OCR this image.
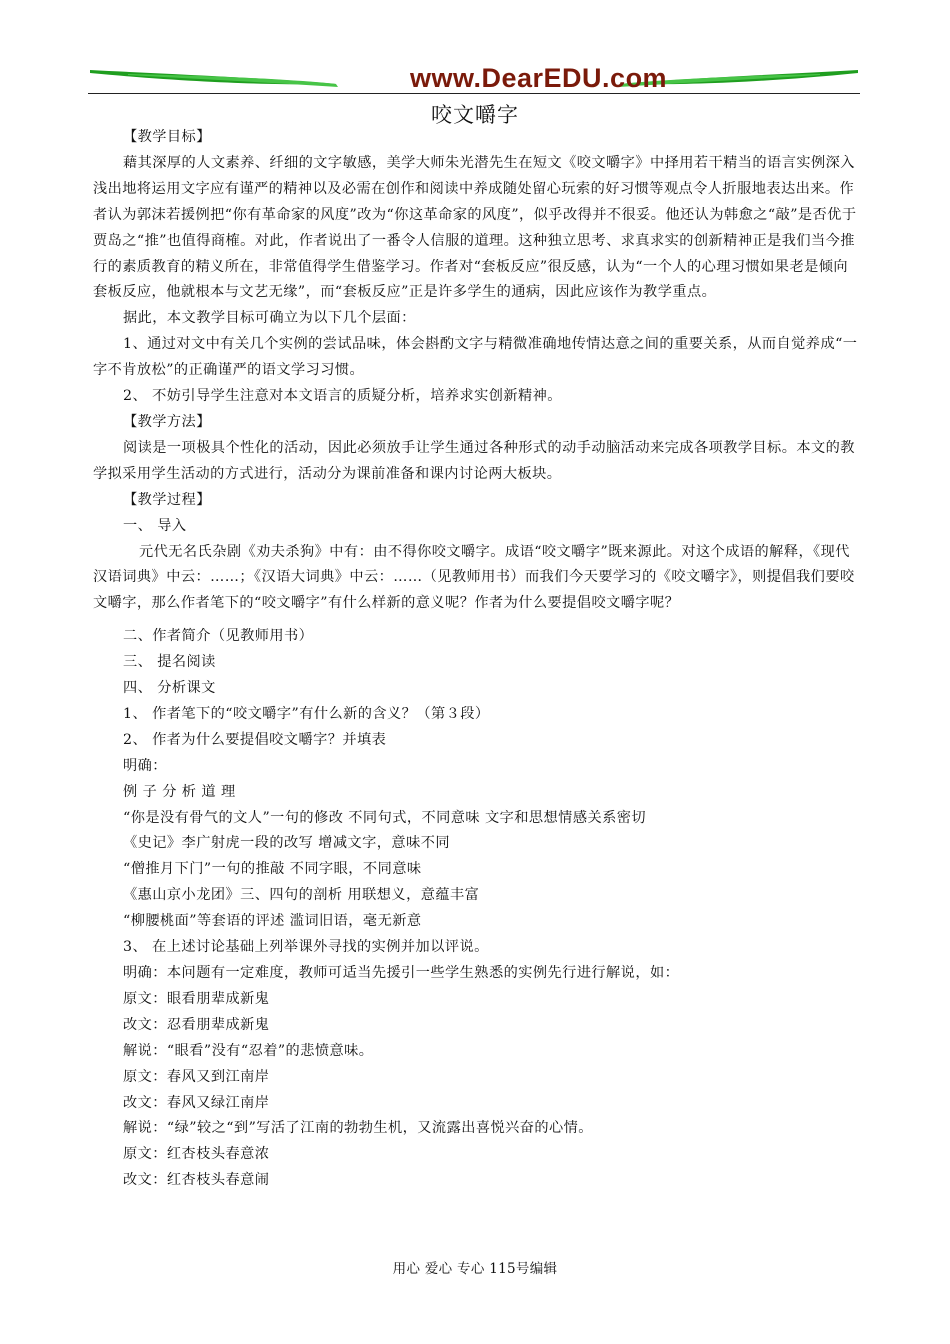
www.DearEDU.com
咬文嚼字

【教学目标】

藉其深厚的人文素养、纤细的文字敏感，美学大师朱光潜先生在短文《咬文嚼字》中择用若干精当的语言实例深入浅出地将运用文字应有谨严的精神以及必需在创作和阅读中养成随处留心玩索的好习惯等观点令人折服地表达出来。作者认为郭沫若援例把“你有革命家的风度”改为“你这革命家的风度”，似乎改得并不很妥。他还认为韩愈之“敲”是否优于贾岛之“推”也值得商榷。对此，作者说出了一番令人信服的道理。这种独立思考、求真求实的创新精神正是我们当今推行的素质教育的精义所在，非常值得学生借鉴学习。作者对“套板反应”很反感，认为“一个人的心理习惯如果老是倾向套板反应，他就根本与文艺无缘”，而“套板反应”正是许多学生的通病，因此应该作为教学重点。

据此，本文教学目标可确立为以下几个层面：

1、通过对文中有关几个实例的尝试品味，体会斟酌文字与精微准确地传情达意之间的重要关系，从而自觉养成“一字不肯放松”的正确谨严的语文学习习惯。

2、 不妨引导学生注意对本文语言的质疑分析，培养求实创新精神。

【教学方法】

阅读是一项极具个性化的活动，因此必须放手让学生通过各种形式的动手动脑活动来完成各项教学目标。本文的教学拟采用学生活动的方式进行，活动分为课前准备和课内讨论两大板块。

【教学过程】

一、 导入

元代无名氏杂剧《劝夫杀狗》中有：由不得你咬文嚼字。成语“咬文嚼字”既来源此。对这个成语的解释，《现代汉语词典》中云：……；《汉语大词典》中云：……（见教师用书）而我们今天要学习的《咬文嚼字》，则提倡我们要咬文嚼字，那么作者笔下的“咬文嚼字”有什么样新的意义呢？作者为什么要提倡咬文嚼字呢？

二、作者简介（见教师用书）

三、 提名阅读

四、 分析课文

1、 作者笔下的“咬文嚼字”有什么新的含义？（第３段）

2、 作者为什么要提倡咬文嚼字？并填表

明确：

例 子 分 析 道 理

“你是没有骨气的文人”一句的修改 不同句式，不同意味 文字和思想情感关系密切

《史记》李广射虎一段的改写 增减文字，意味不同

“僧推月下门”一句的推敲 不同字眼，不同意味

《惠山京小龙团》三、四句的剖析 用联想义，意蕴丰富

“柳腰桃面”等套语的评述 滥词旧语，毫无新意

3、 在上述讨论基础上列举课外寻找的实例并加以评说。

明确：本问题有一定难度，教师可适当先援引一些学生熟悉的实例先行进行解说，如：

原文：眼看朋辈成新鬼

改文：忍看朋辈成新鬼

解说：“眼看”没有“忍着”的悲愤意味。

原文：春风又到江南岸

改文：春风又绿江南岸

解说：“绿”较之“到”写活了江南的勃勃生机，又流露出喜悦兴奋的心情。

原文：红杏枝头春意浓

改文：红杏枝头春意闹

用心 爱心 专心 115号编辑
